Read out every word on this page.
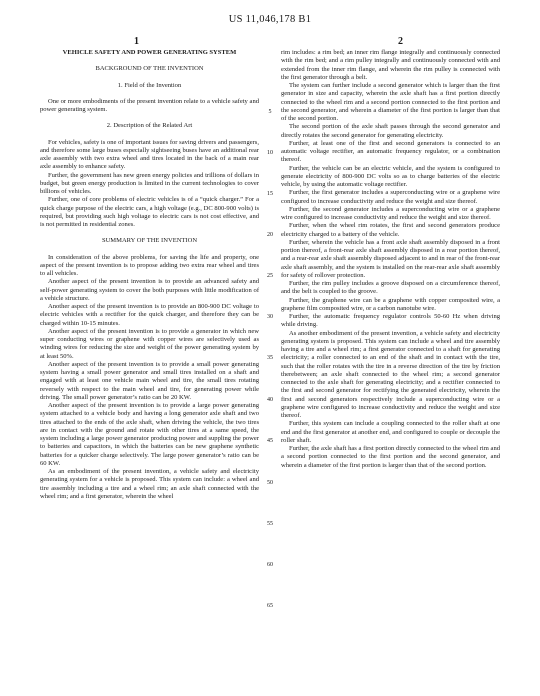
US 11,046,178 B1
1	2
5
10
15
20
25
30
35
40
45
50
55
60
65

VEHICLE SAFETY AND POWER GENERATING SYSTEM

BACKGROUND OF THE INVENTION

1. Field of the Invention

One or more embodiments of the present invention relate to a vehicle safety and power generating system.

2. Description of the Related Art

For vehicles, safety is one of important issues for saving drivers and passengers, and therefore some large buses especially sightseeing buses have an additional rear axle assembly with two extra wheel and tires located in the back of a main rear axle assembly to enhance safety.

Further, the government has new green energy policies and trillions of dollars in budget, but green energy production is limited in the current technologies to cover billions of vehicles.

Further, one of core problems of electric vehicles is of a “quick charger.” For a quick charge purpose of the electric cars, a high voltage (e.g., DC 800-900 volts) is required, but providing such high voltage to electric cars is not cost effective, and is not permitted in residential zones.

SUMMARY OF THE INVENTION

In consideration of the above problems, for saving the life and property, one aspect of the present invention is to propose adding two extra rear wheel and tires to all vehicles.

Another aspect of the present invention is to provide an advanced safety and self-power generating system to cover the both purposes with little modification of a vehicle structure.

Another aspect of the present invention is to provide an 800-900 DC voltage to electric vehicles with a rectifier for the quick charger, and therefore they can be charged within 10-15 minutes.

Another aspect of the present invention is to provide a generator in which new super conducting wires or graphene with copper wires are selectively used as winding wires for reducing the size and weight of the power generating system by at least 50%.

Another aspect of the present invention is to provide a small power generating system having a small power generator and small tires installed on a shaft and engaged with at least one vehicle main wheel and tire, the small tires rotating reversely with respect to the main wheel and tire, for generating power while driving. The small power generator’s ratio can be 20 KW.

Another aspect of the present invention is to provide a large power generating system attached to a vehicle body and having a long generator axle shaft and two tires attached to the ends of the axle shaft, when driving the vehicle, the two tires are in contact with the ground and rotate with other tires at a same speed, the system including a large power generator producing power and suppling the power to batteries and capacitors, in which the batteries can be new graphene synthetic batteries for a quicker charge selectively. The large power generator’s ratio can be 60 KW.

As an embodiment of the present invention, a vehicle safety and electricity generating system for a vehicle is proposed. This system can include: a wheel and tire assembly including a tire and a wheel rim; an axle shaft connected with the wheel rim; and a first generator, wherein the wheel

rim includes: a rim bed; an inner rim flange integrally and continuously connected with the rim bed; and a rim pulley integrally and continuously connected with and extended from the inner rim flange, and wherein the rim pulley is connected with the first generator through a belt.

The system can further include a second generator which is larger than the first generator in size and capacity, wherein the axle shaft has a first portion directly connected to the wheel rim and a second portion connected to the first portion and the second generator, and wherein a diameter of the first portion is larger than that of the second portion.

The second portion of the axle shaft passes through the second generator and directly rotates the second generator for generating electricity.

Further, at least one of the first and second generators is connected to an automatic voltage rectifier, an automatic frequency regulator, or a combination thereof.

Further, the vehicle can be an electric vehicle, and the system is configured to generate electricity of 800-900 DC volts so as to charge batteries of the electric vehicle, by using the automatic voltage rectifier.

Further, the first generator includes a superconducting wire or a graphene wire configured to increase conductivity and reduce the weight and size thereof.

Further, the second generator includes a superconducting wire or a graphene wire configured to increase conductivity and reduce the weight and size thereof.

Further, when the wheel rim rotates, the first and second generators produce electricity charged to a battery of the vehicle.

Further, wherein the vehicle has a front axle shaft assembly disposed in a front portion thereof, a front-rear axle shaft assembly disposed in a rear portion thereof, and a rear-rear axle shaft assembly disposed adjacent to and in rear of the front-rear axle shaft assembly, and the system is installed on the rear-rear axle shaft assembly for safety of rollover protection.

Further, the rim pulley includes a groove disposed on a circumference thereof, and the belt is coupled to the groove.

Further, the graphene wire can be a graphene with copper composited wire, a graphene film composited wire, or a carbon nanotube wire.

Further, the automatic frequency regulator controls 50-60 Hz when driving while driving.

As another embodiment of the present invention, a vehicle safety and electricity generating system is proposed. This system can include a wheel and tire assembly having a tire and a wheel rim; a first generator connected to a shaft for generating electricity; a roller connected to an end of the shaft and in contact with the tire, such that the roller rotates with the tire in a reverse direction of the tire by friction therebetween; an axle shaft connected to the wheel rim; a second generator connected to the axle shaft for generating electricity; and a rectifier connected to the first and second generator for rectifying the generated electricity, wherein the first and second generators respectively include a superconducting wire or a graphene wire configured to increase conductivity and reduce the weight and size thereof.

Further, this system can include a coupling connected to the roller shaft at one end and the first generator at another end, and configured to couple or decouple the roller shaft.

Further, the axle shaft has a first portion directly connected to the wheel rim and a second portion connected to the first portion and the second generator, and wherein a diameter of the first portion is larger than that of the second portion.
